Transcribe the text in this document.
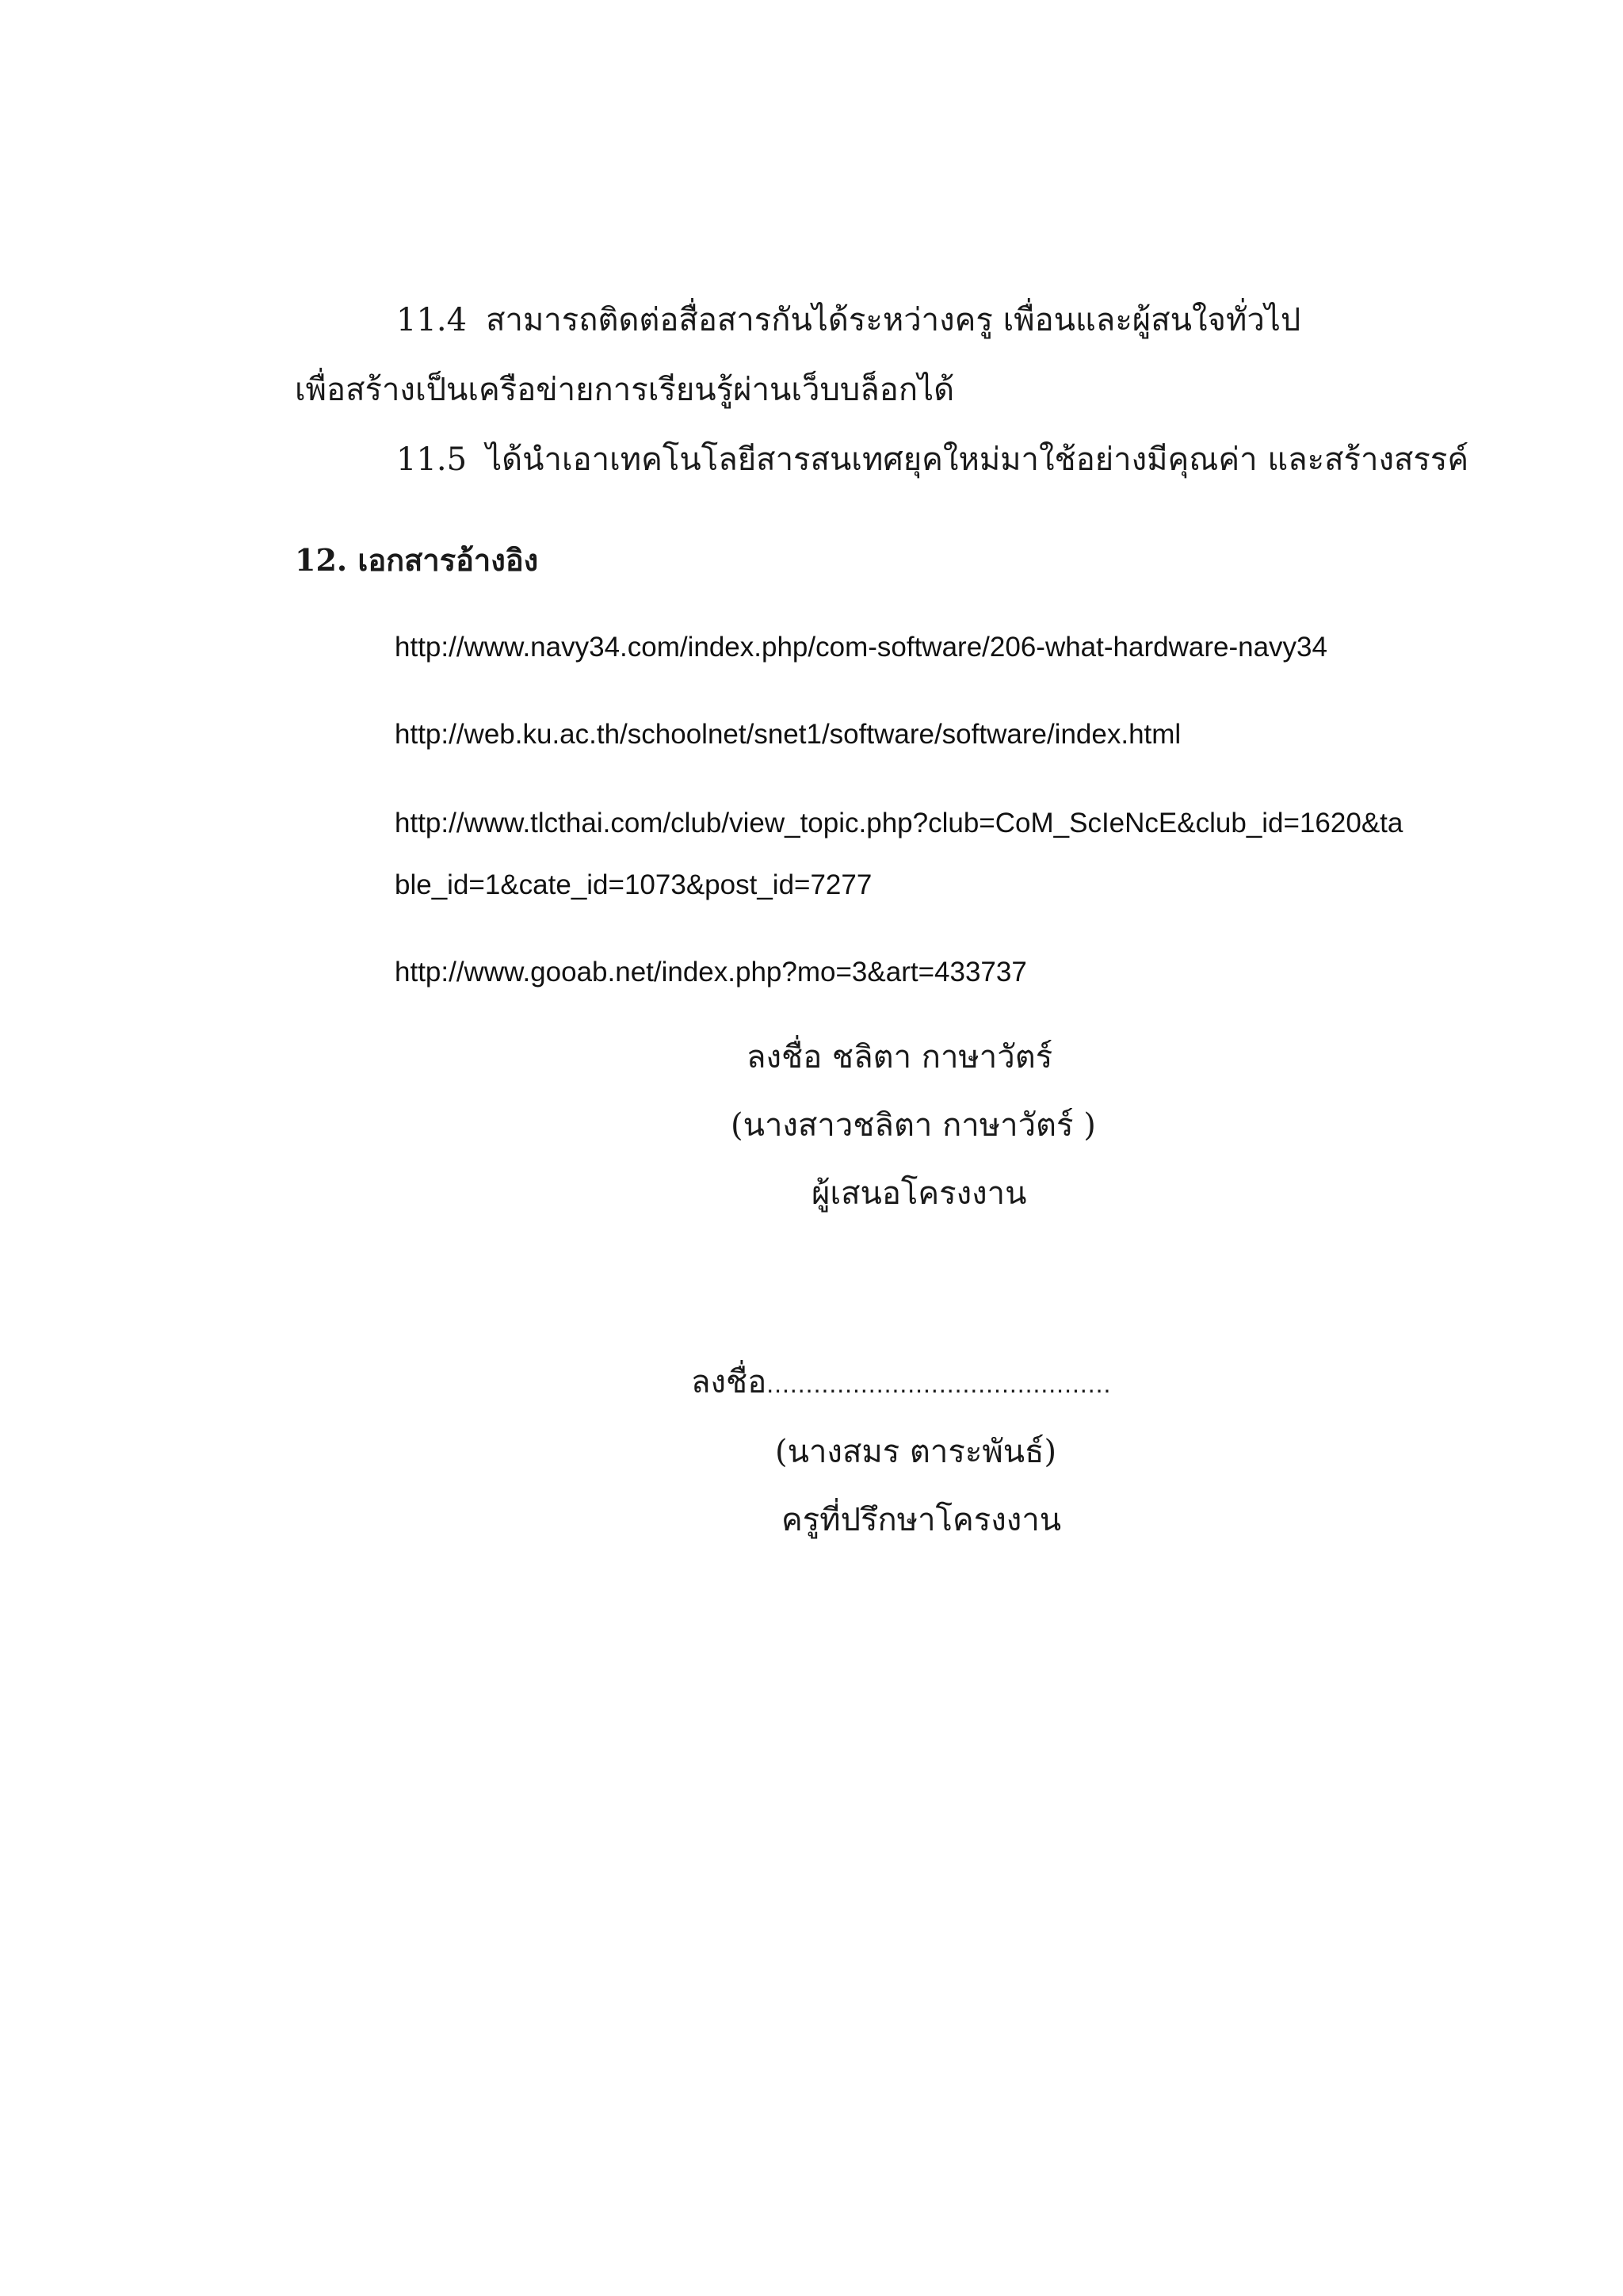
11.4 สามารถติดต่อสื่อสารกันได้ระหว่างครู เพื่อนและผู้สนใจทั่วไป
เพื่อสร้างเป็นเครือข่ายการเรียนรู้ผ่านเว็บบล็อกได้
11.5 ได้นำเอาเทคโนโลยีสารสนเทศยุคใหม่มาใช้อย่างมีคุณค่า และสร้างสรรค์
12. เอกสารอ้างอิง
http://www.navy34.com/index.php/com-software/206-what-hardware-navy34
http://web.ku.ac.th/schoolnet/snet1/software/software/index.html
http://www.tlcthai.com/club/view_topic.php?club=CoM_ScIeNcE&club_id=1620&ta
ble_id=1&cate_id=1073&post_id=7277
http://www.gooab.net/index.php?mo=3&art=433737
ลงชื่อ ชลิตา กาษาวัตร์
(นางสาวชลิตา กาษาวัตร์ )
ผู้เสนอโครงงาน
ลงชื่อ............................................
(นางสมร ตาระพันธ์)
ครูที่ปรึกษาโครงงาน
